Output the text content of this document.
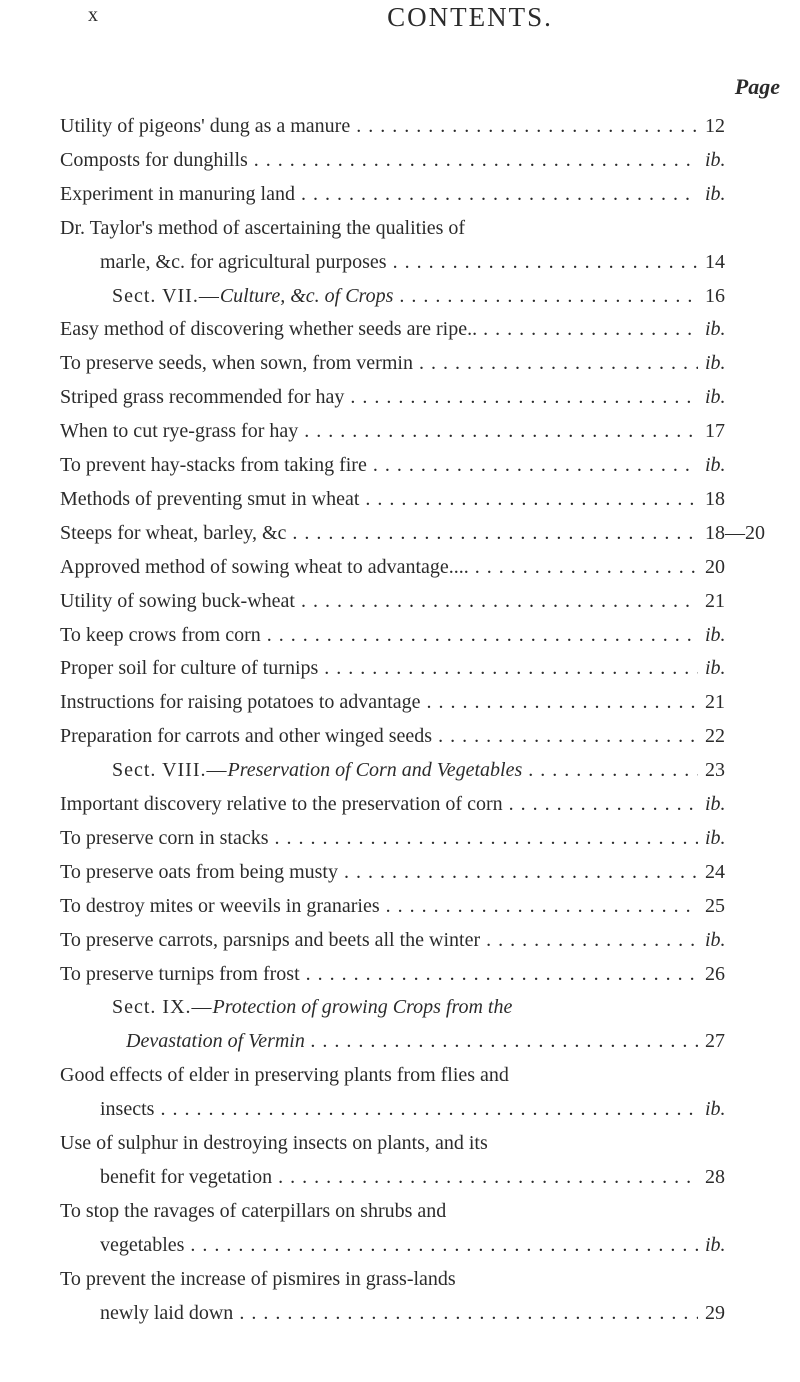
x	CONTENTS.
Page
Utility of pigeons' dung as a manure . . .	12
Composts for dunghills . . .	ib.
Experiment in manuring land . . .	ib.
Dr. Taylor's method of ascertaining the qualities of
marle, &c. for agricultural purposes . . .	14
Sect. VII.—Culture, &c. of Crops . . .	16
Easy method of discovering whether seeds are ripe.. . . .	ib.
To preserve seeds, when sown, from vermin . . .	ib.
Striped grass recommended for hay . . .	ib.
When to cut rye-grass for hay . . .	17
To prevent hay-stacks from taking fire . . .	ib.
Methods of preventing smut in wheat . . .	18
Steeps for wheat, barley, &c . . .	18—20
Approved method of sowing wheat to advantage.... . . .	20
Utility of sowing buck-wheat . . .	21
To keep crows from corn . . .	ib.
Proper soil for culture of turnips . . .	ib.
Instructions for raising potatoes to advantage . . .	21
Preparation for carrots and other winged seeds . . .	22
Sect. VIII.—Preservation of Corn and Vegetables . . .	23
Important discovery relative to the preservation of corn . . .	ib.
To preserve corn in stacks . . .	ib.
To preserve oats from being musty . . .	24
To destroy mites or weevils in granaries . . .	25
To preserve carrots, parsnips and beets all the winter . . .	ib.
To preserve turnips from frost . . .	26
Sect. IX.—Protection of growing Crops from the
Devastation of Vermin . . .	27
Good effects of elder in preserving plants from flies and
insects . . .	ib.
Use of sulphur in destroying insects on plants, and its
benefit for vegetation . . .	28
To stop the ravages of caterpillars on shrubs and
vegetables . . .	ib.
To prevent the increase of pismires in grass-lands
newly laid down . . .	29
